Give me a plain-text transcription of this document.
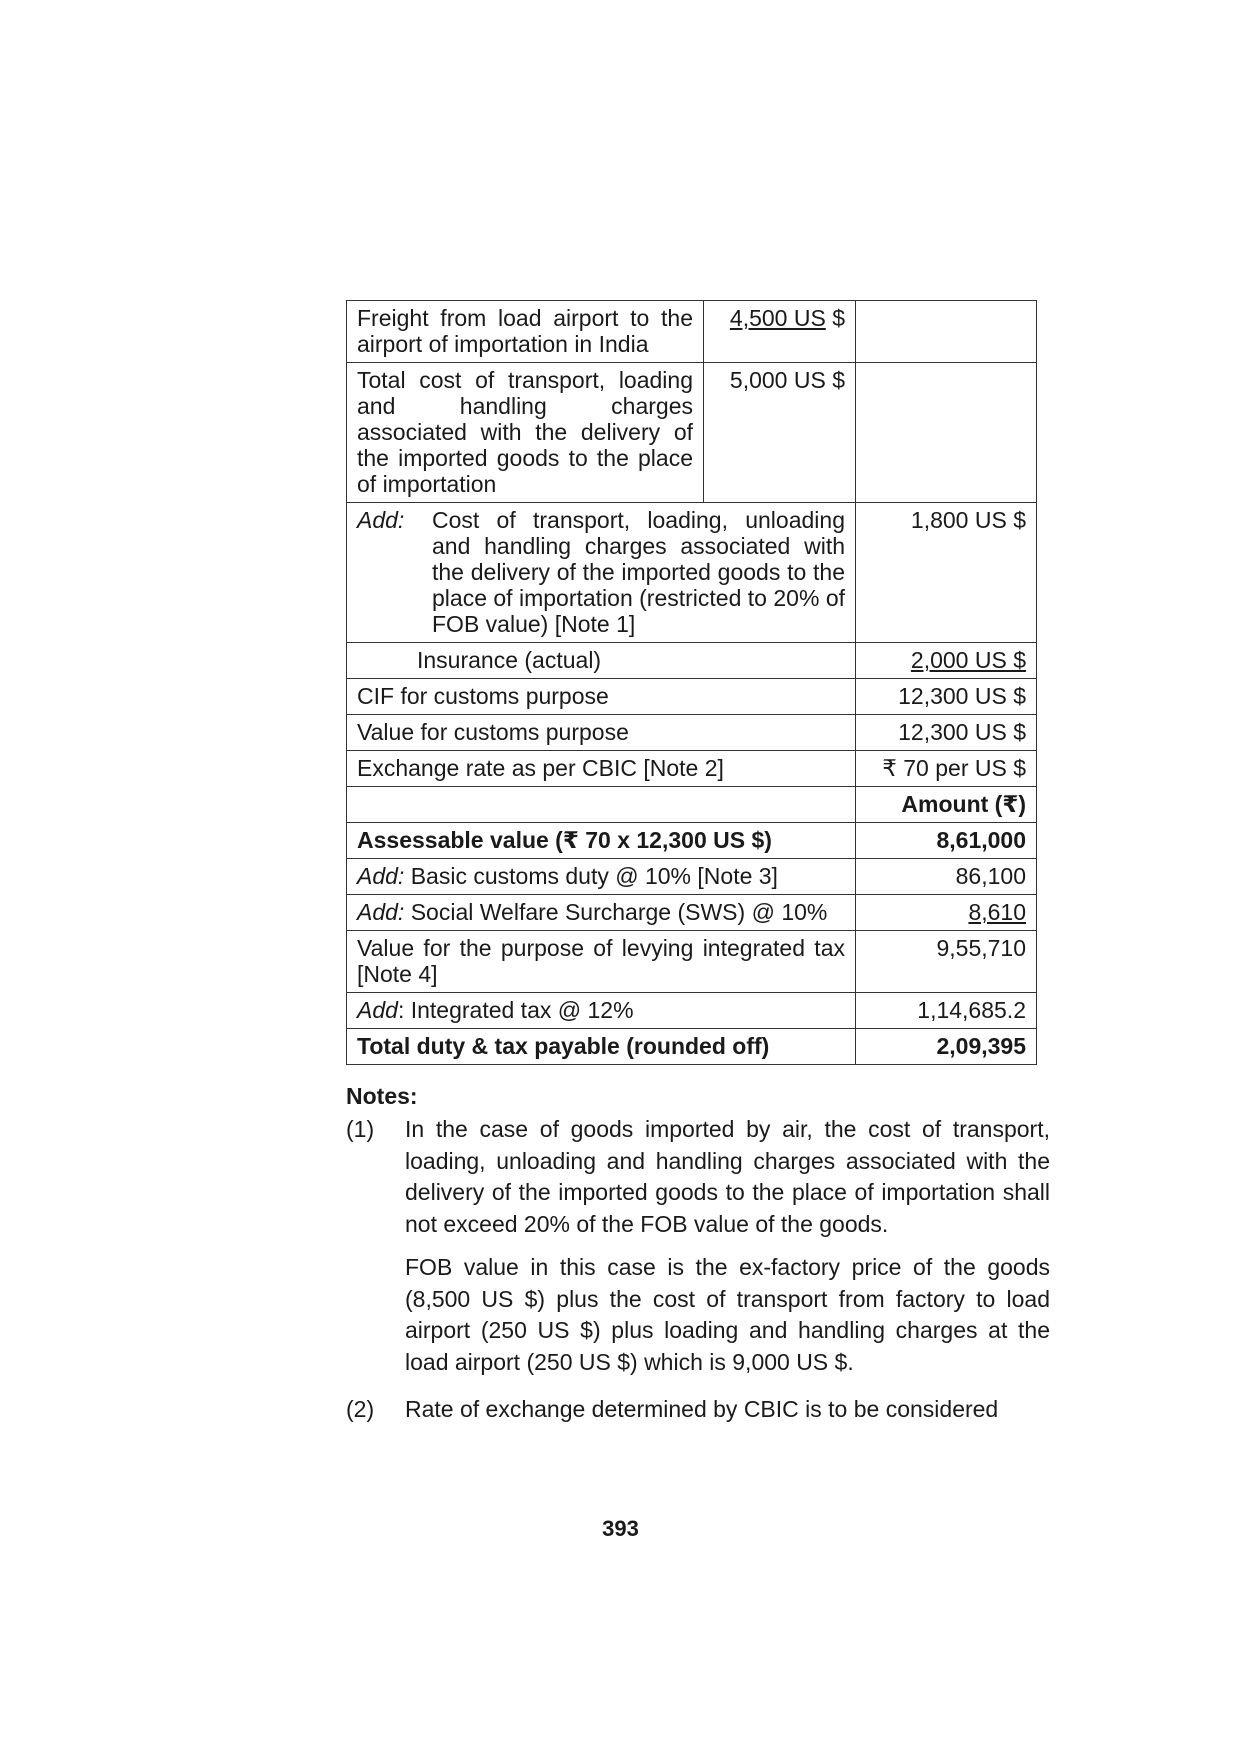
Freight from load airport to the airport of importation in India	4,500 US $	
Total cost of transport, loading and handling charges associated with the delivery of the imported goods to the place of importation	5,000 US $	

Add: Cost of transport, loading, unloading and handling charges associated with the delivery of the imported goods to the place of importation (restricted to 20% of FOB value) [Note 1]		1,800 US $
Insurance (actual)		2,000 US $
CIF for customs purpose		12,300 US $
Value for customs purpose		12,300 US $
Exchange rate as per CBIC [Note 2]		₹ 70 per US $
		Amount (₹)
Assessable value (₹ 70 x 12,300 US $)		8,61,000
Add: Basic customs duty @ 10% [Note 3]		86,100
Add: Social Welfare Surcharge (SWS) @ 10%		8,610
Value for the purpose of levying integrated tax [Note 4]		9,55,710
Add: Integrated tax @ 12%		1,14,685.2
Total duty & tax payable (rounded off)		2,09,395
Notes:
(1)	In the case of goods imported by air, the cost of transport, loading, unloading and handling charges associated with the delivery of the imported goods to the place of importation shall not exceed 20% of the FOB value of the goods.

FOB value in this case is the ex-factory price of the goods (8,500 US $) plus the cost of transport from factory to load airport (250 US $) plus loading and handling charges at the load airport (250 US $) which is 9,000 US $.

(2)	Rate of exchange determined by CBIC is to be considered

393
